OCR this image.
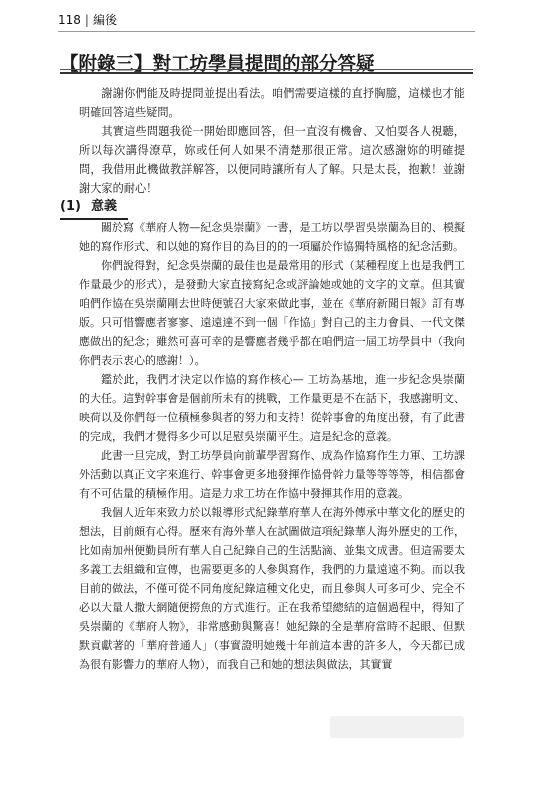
118 | 編後
【附錄三】對工坊學員提問的部分答疑

謝謝你們能及時提問並提出看法。咱們需要這樣的直抒胸臆，這樣也才能明確回答這些疑問。

其實這些問題我從一開始即應回答，但一直沒有機會、又怕耍各人視聽，所以每次講得潦草，妳或任何人如果不清楚那很正常。這次感謝妳的明確提問，我借用此機做教詳解答，以便同時讓所有人了解。只是太長，抱歉！並謝謝大家的耐心！

(1) 意義

關於寫《華府人物—紀念吳崇蘭》一書，是工坊以學習吳崇蘭為目的、模擬她的寫作形式、和以她的寫作目的為目的的一項屬於作協獨特風格的紀念活動。

你們說得對，紀念吳崇蘭的最佳也是最常用的形式（某種程度上也是我們工作量最少的形式），是發動大家直接寫紀念或評論她或她的文字的文章。但其實咱們作協在吳崇蘭剛去世時便號召大家來做此事，並在《華府新聞日報》訂有專版。只可惜響應者寥寥、遠遠達不到一個「作協」對自己的主力會員、一代文傑應做出的紀念；雖然可喜可幸的是響應者幾乎都在咱們這一屆工坊學員中（我向你們表示衷心的感謝！）。

鑑於此，我們才決定以作協的寫作核心— 工坊為基地，進一步紀念吳崇蘭的大任。這對幹事會是個前所未有的挑戰，工作量更是不在話下，我感謝明文、映荷以及你們每一位積極參與者的努力和支持！從幹事會的角度出發，有了此書的完成，我們才覺得多少可以足慰吳崇蘭平生。這是紀念的意義。

此書一旦完成，對工坊學員向前輩學習寫作、成為作協寫作生力軍、工坊課外活動以真正文字來進行、幹事會更多地發揮作協骨幹力量等等等等，相信都會有不可估量的積極作用。這是力求工坊在作協中發揮其作用的意義。

我個人近年來致力於以報導形式紀錄華府華人在海外傳承中華文化的歷史的想法，目前頗有心得。歷來有海外華人在試圖做這項紀錄華人海外歷史的工作，比如南加州便勤員所有華人自己紀錄自己的生活點滴、並集文成書。但這需要太多義工去組織和宣傳，也需要更多的人參與寫作，我們的力量遠遠不夠。而以我目前的做法，不僅可從不同角度紀錄這種文化史，而且參與人可多可少、完全不必以大量人撒大網隨便撈魚的方式進行。正在我希望總結的這個過程中，得知了吳崇蘭的《華府人物》，非常感動與驚喜！她紀錄的全是華府當時不起眼、但默默貢獻著的「華府普通人」（事實證明她幾十年前這本書的許多人，今天都已成為很有影響力的華府人物），而我自己和她的想法與做法，其實實
